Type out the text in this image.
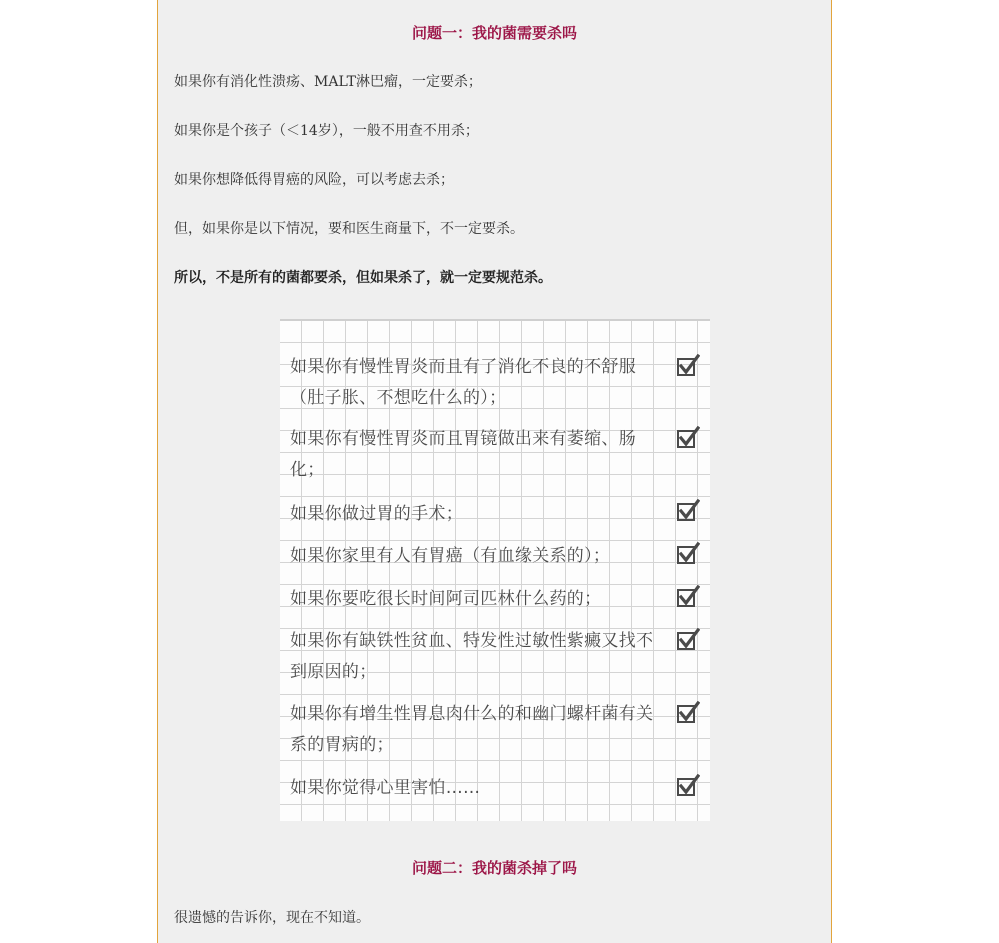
问题一：我的菌需要杀吗
如果你有消化性溃疡、MALT淋巴瘤，一定要杀；
如果你是个孩子（＜14岁），一般不用查不用杀；
如果你想降低得胃癌的风险，可以考虑去杀；
但，如果你是以下情况，要和医生商量下，不一定要杀。
所以，不是所有的菌都要杀，但如果杀了，就一定要规范杀。
如果你有慢性胃炎而且有了消化不良的不舒服（肚子胀、不想吃什么的）；
如果你有慢性胃炎而且胃镜做出来有萎缩、肠化；
如果你做过胃的手术；
如果你家里有人有胃癌（有血缘关系的）；
如果你要吃很长时间阿司匹林什么药的；
如果你有缺铁性贫血、特发性过敏性紫癜又找不到原因的；
如果你有增生性胃息肉什么的和幽门螺杆菌有关系的胃病的；
如果你觉得心里害怕……
问题二：我的菌杀掉了吗
很遗憾的告诉你，现在不知道。
